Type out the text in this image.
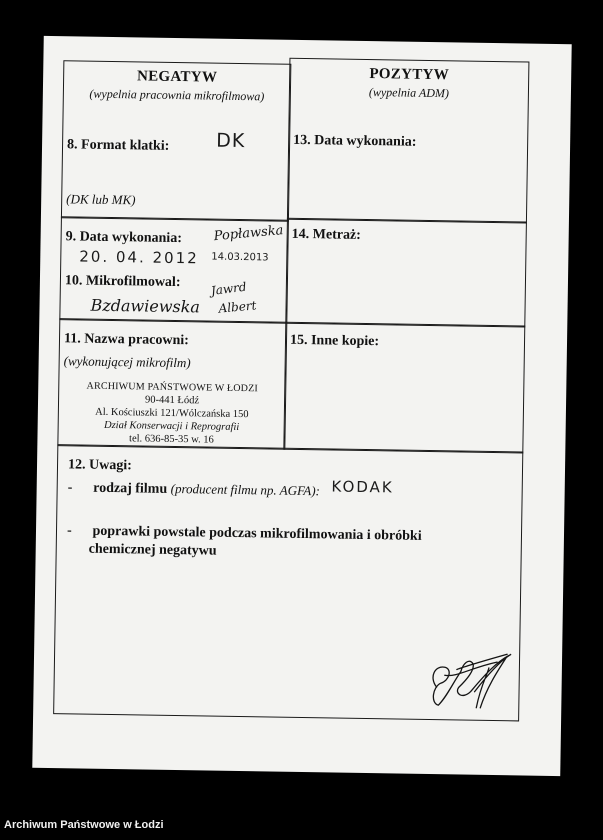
NEGATYW
(wypelnia pracownia mikrofilmowa)
8. Format klatki: DK
(DK lub MK)
POZYTYW
(wypelnia ADM)
13. Data wykonania:
9. Data wykonania:
20. 04. 2012
Popławska
14.03.2013
10. Mikrofilmowal:
Bzdawiewska
Jawrd
Albert
14. Metraż:
11. Nazwa pracowni:
(wykonującej mikrofilm)
ARCHIWUM PAŃSTWOWE W ŁODZI
90-441 Łódź
Al. Kościuszki 121/Wólczańska 150
Dział Konserwacji i Reprografii
tel. 636-85-35 w. 16
15. Inne kopie:
12. Uwagi:
- rodzaj filmu (producent filmu np. AGFA): KODAK
- poprawki powstale podczas mikrofilmowania i obróbki
chemicznej negatywu
Archiwum Państwowe w Łodzi
